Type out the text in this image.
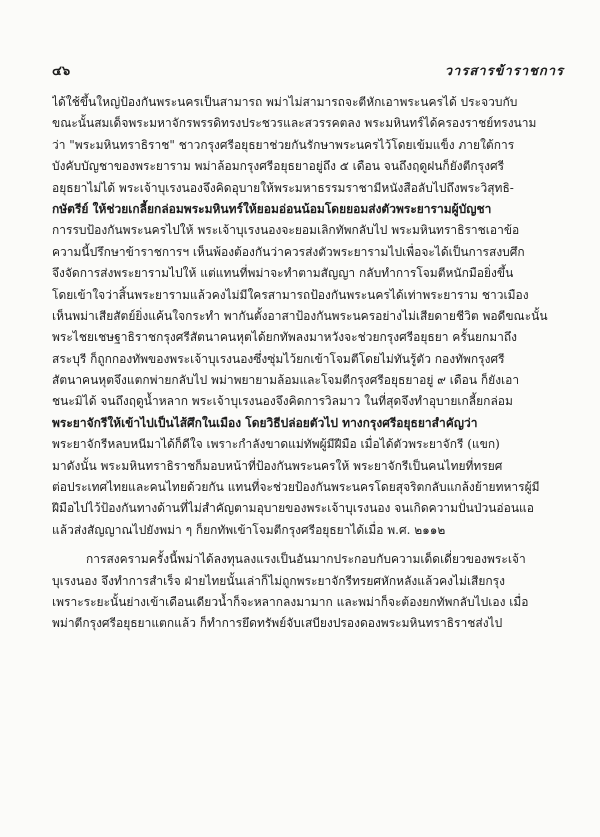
๔๖	วารสารข้าราชการ
ได้ใช้ขึ้นใหญ่ป้องกันพระนครเป็นสามารถ พม่าไม่สามารถจะตีหักเอาพระนครได้ ประจวบกับ
ขณะนั้นสมเด็จพระมหาจักรพรรดิทรงประชวรและสวรรคตลง พระมหินทร์ได้ครองราชย์ทรงนาม
ว่า "พระมหินทราธิราช" ชาวกรุงศรีอยุธยาช่วยกันรักษาพระนครไว้โดยเข้มแข็ง ภายใต้การ
บังคับบัญชาของพระยาราม พม่าล้อมกรุงศรีอยุธยาอยู่ถึง ๕ เดือน จนถึงฤดูฝนก็ยังตีกรุงศรี
อยุธยาไม่ได้ พระเจ้าบุเรงนองจึงคิดอุบายให้พระมหาธรรมราชามีหนังสือลับไปถึงพระวิสุทธิ-
กษัตรีย์ ให้ช่วยเกลี้ยกล่อมพระมหินทร์ให้ยอมอ่อนน้อมโดยยอมส่งตัวพระยารามผู้บัญชา
การรบป้องกันพระนครไปให้ พระเจ้าบุเรงนองจะยอมเลิกทัพกลับไป พระมหินทราธิราชเอาข้อ
ความนี้ปรึกษาข้าราชการฯ เห็นพ้องต้องกันว่าควรส่งตัวพระยารามไปเพื่อจะได้เป็นการสงบศึก
จึงจัดการส่งพระยารามไปให้ แต่แทนที่พม่าจะทำตามสัญญา กลับทำการโจมตีหนักมือยิ่งขึ้น
โดยเข้าใจว่าสิ้นพระยารามแล้วคงไม่มีใครสามารถป้องกันพระนครได้เท่าพระยาราม ชาวเมือง
เห็นพม่าเสียสัตย์ยิ่งแค้นใจกระทำ พากันตั้งอาสาป้องกันพระนครอย่างไม่เสียดายชีวิต พอดีขณะนั้น
พระไชยเชษฐาธิราชกรุงศรีสัตนาคนหุตได้ยกทัพลงมาหวังจะช่วยกรุงศรีอยุธยา ครั้นยกมาถึง
สระบุรี ก็ถูกกองทัพของพระเจ้าบุเรงนองซึ่งซุ่มไว้ยกเข้าโจมตีโดยไม่ทันรู้ตัว กองทัพกรุงศรี
สัตนาคนหุตจึงแตกพ่ายกลับไป พม่าพยายามล้อมและโจมตีกรุงศรีอยุธยาอยู่ ๙ เดือน ก็ยังเอา
ชนะมิได้ จนถึงฤดูน้ำหลาก พระเจ้าบุเรงนองจึงคิดการวิลมาว ในที่สุดจึงทำอุบายเกลี้ยกล่อม
พระยาจักรีให้เข้าไปเป็นไส้ศึกในเมือง โดยวิธีปล่อยตัวไป ทางกรุงศรีอยุธยาสำคัญว่า
พระยาจักรีหลบหนีมาได้ก็ดีใจ เพราะกำลังขาดแม่ทัพผู้มีฝีมือ เมื่อได้ตัวพระยาจักรี (แขก)
มาดังนั้น พระมหินทราธิราชก็มอบหน้าที่ป้องกันพระนครให้ พระยาจักรีเป็นคนไทยที่ทรยศ
ต่อประเทศไทยและคนไทยด้วยกัน แทนที่จะช่วยป้องกันพระนครโดยสุจริตกลับแกล้งย้ายทหารผู้มี
ฝีมือไปไว้ป้องกันทางด้านที่ไม่สำคัญตามอุบายของพระเจ้าบุเรงนอง จนเกิดความปั่นป่วนอ่อนแอ
แล้วส่งสัญญาณไปยังพม่า ๆ ก็ยกทัพเข้าโจมตีกรุงศรีอยุธยาได้เมื่อ พ.ศ. ๒๑๑๒
การสงครามครั้งนี้พม่าได้ลงทุนลงแรงเป็นอันมากประกอบกับความเด็ดเดี่ยวของพระเจ้า
บุเรงนอง จึงทำการสำเร็จ ฝ่ายไทยนั้นเล่าก็ไม่ถูกพระยาจักรีทรยศหักหลังแล้วคงไม่เสียกรุง
เพราะระยะนั้นย่างเข้าเดือนเดียวน้ำก็จะหลากลงมามาก และพม่าก็จะต้องยกทัพกลับไปเอง เมื่อ
พม่าตีกรุงศรีอยุธยาแตกแล้ว ก็ทำการยึดทรัพย์จับเสบียงปรองดองพระมหินทราธิราชส่งไป
